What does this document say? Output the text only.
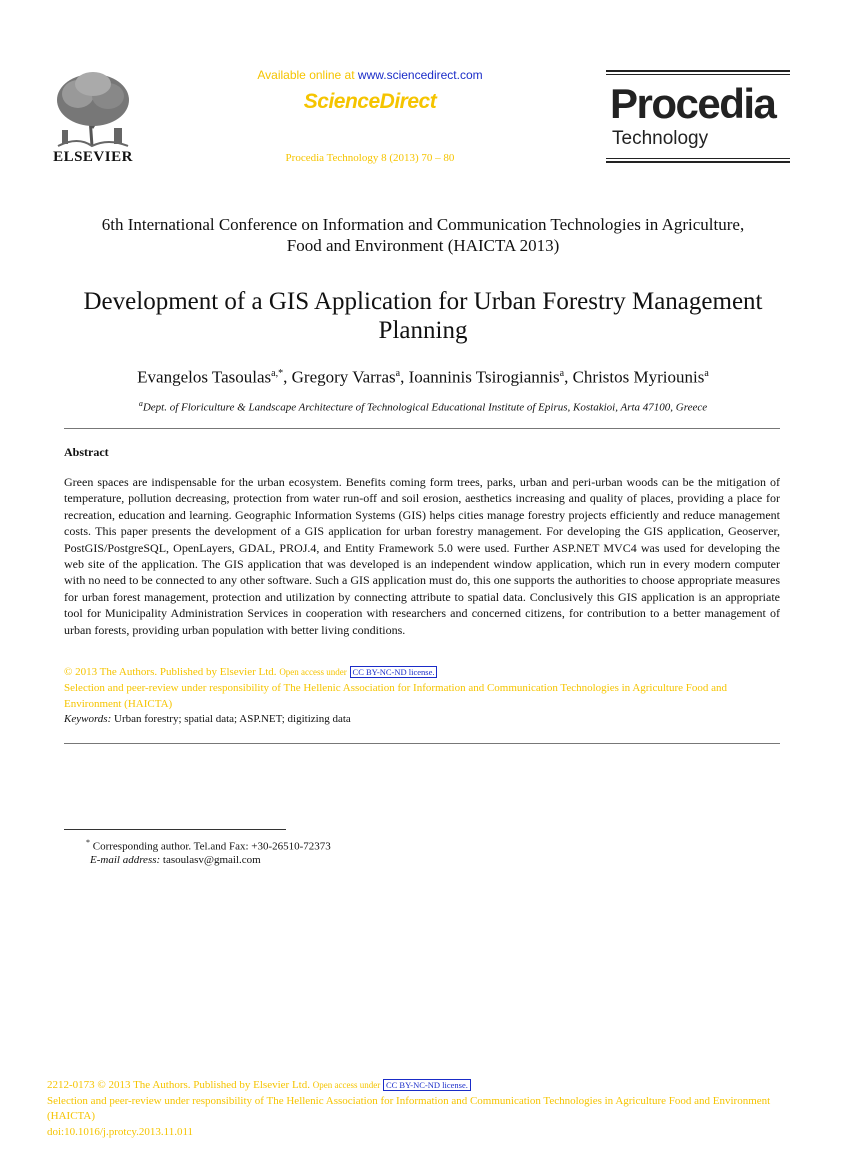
ELSEVIER
Available online at www.sciencedirect.com
ScienceDirect
Procedia Technology 8 (2013) 70 – 80
Procedia
Technology
6th International Conference on Information and Communication Technologies in Agriculture,
Food and Environment (HAICTA 2013)
Development of a GIS Application for Urban Forestry Management
Planning
Evangelos Tasoulas$^{a,*}$, Gregory Varras$^a$, Ioanninis Tsirogiannis$^a$, Christos Myriounis$^a$
$^a$Dept. of Floriculture & Landscape Architecture of Technological Educational Institute of Epirus, Kostakioi, Arta 47100, Greece
Abstract
Green spaces are indispensable for the urban ecosystem. Benefits coming form trees, parks, urban and peri-urban woods can be the mitigation of temperature, pollution decreasing, protection from water run-off and soil erosion, aesthetics increasing and quality of places, providing a place for recreation, education and learning. Geographic Information Systems (GIS) helps cities manage forestry projects efficiently and reduce management costs. This paper presents the development of a GIS application for urban forestry management. For developing the GIS application, Geoserver, PostGIS/PostgreSQL, OpenLayers, GDAL, PROJ.4, and Entity Framework 5.0 were used. Further ASP.NET MVC4 was used for developing the web site of the application. The GIS application that was developed is an independent window application, which run in every modern computer with no need to be connected to any other software. Such a GIS application must do, this one supports the authorities to choose appropriate measures for urban forest management, protection and utilization by connecting attribute to spatial data. Conclusively this GIS application is an appropriate tool for Municipality Administration Services in cooperation with researchers and concerned citizens, for contribution to a better management of urban forests, providing urban population with better living conditions.
© 2013 The Authors. Published by Elsevier Ltd. Open access under CC BY-NC-ND license.
Selection and peer-review under responsibility of The Hellenic Association for Information and Communication Technologies in Agriculture Food and Environment (HAICTA)
Keywords: Urban forestry; spatial data; ASP.NET; digitizing data
* Corresponding author. Tel.and Fax: +30-26510-72373
E-mail address: tasoulasv@gmail.com
2212-0173 © 2013 The Authors. Published by Elsevier Ltd. Open access under CC BY-NC-ND license.
Selection and peer-review under responsibility of The Hellenic Association for Information and Communication Technologies in Agriculture Food and Environment (HAICTA)
doi:10.1016/j.protcy.2013.11.011
